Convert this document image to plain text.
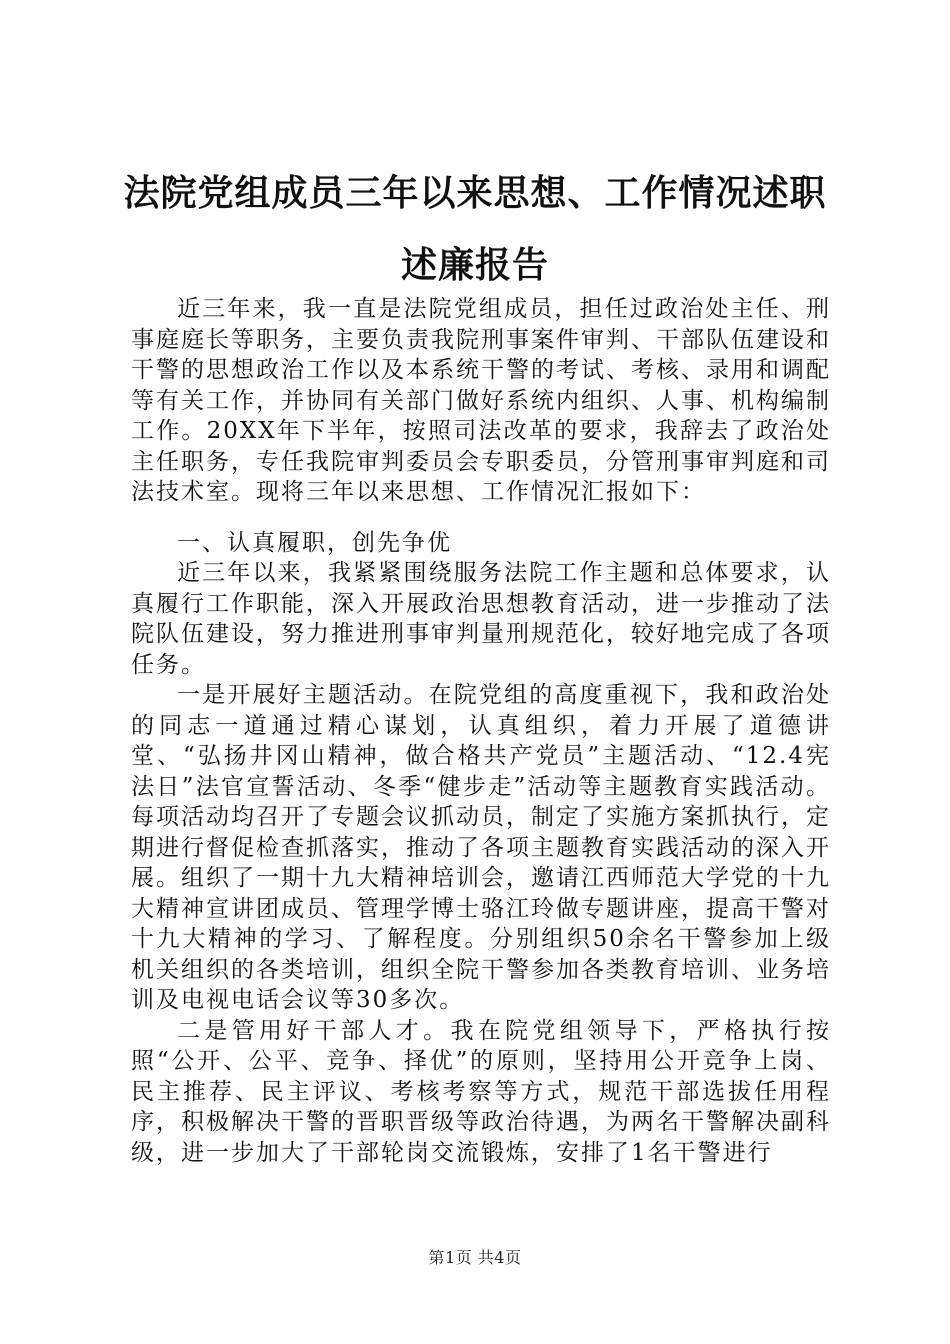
法院党组成员三年以来思想、工作情况述职述廉报告

近三年来，我一直是法院党组成员，担任过政治处主任、刑事庭庭长等职务，主要负责我院刑事案件审判、干部队伍建设和干警的思想政治工作以及本系统干警的考试、考核、录用和调配等有关工作，并协同有关部门做好系统内组织、人事、机构编制工作。20XX年下半年，按照司法改革的要求，我辞去了政治处主任职务，专任我院审判委员会专职委员，分管刑事审判庭和司法技术室。现将三年以来思想、工作情况汇报如下：

一、认真履职，创先争优

近三年以来，我紧紧围绕服务法院工作主题和总体要求，认真履行工作职能，深入开展政治思想教育活动，进一步推动了法院队伍建设，努力推进刑事审判量刑规范化，较好地完成了各项任务。

一是开展好主题活动。在院党组的高度重视下，我和政治处的同志一道通过精心谋划，认真组织，着力开展了道德讲堂、“弘扬井冈山精神，做合格共产党员”主题活动、“12.4宪法日”法官宣誓活动、冬季“健步走”活动等主题教育实践活动。每项活动均召开了专题会议抓动员，制定了实施方案抓执行，定期进行督促检查抓落实，推动了各项主题教育实践活动的深入开展。组织了一期十九大精神培训会，邀请江西师范大学党的十九大精神宣讲团成员、管理学博士骆江玲做专题讲座，提高干警对十九大精神的学习、了解程度。分别组织50余名干警参加上级机关组织的各类培训，组织全院干警参加各类教育培训、业务培训及电视电话会议等30多次。

二是管用好干部人才。我在院党组领导下，严格执行按照“公开、公平、竞争、择优”的原则，坚持用公开竞争上岗、民主推荐、民主评议、考核考察等方式，规范干部选拔任用程序，积极解决干警的晋职晋级等政治待遇，为两名干警解决副科级，进一步加大了干部轮岗交流锻炼，安排了1名干警进行

第1页 共4页
